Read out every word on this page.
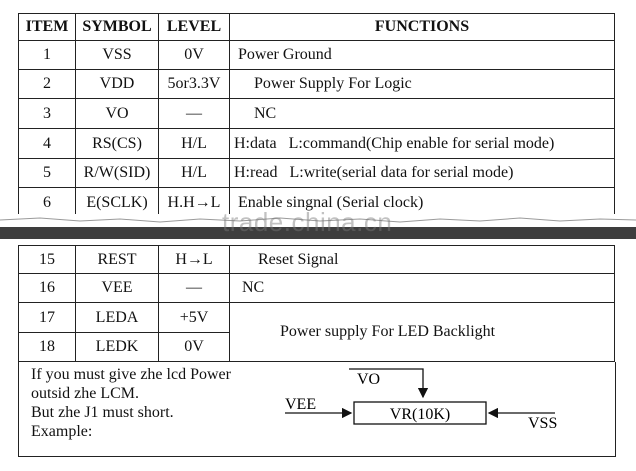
ITEM	SYMBOL	LEVEL	FUNCTIONS
1	VSS	0V	Power Ground
2	VDD	5or3.3V	Power Supply For Logic
3	VO	—	NC
4	RS(CS)	H/L	H:data   L:command(Chip enable for serial mode)
5	R/W(SID)	H/L	H:read   L:write(serial data for serial mode)
6	E(SCLK)	H.H→L	Enable singnal (Serial clock)
trade.china.cn
15	REST	H→L	Reset Signal
16	VEE	—	NC
17	LEDA	+5V	Power supply For LED Backlight
18	LEDK	0V	
If you must give zhe lcd Power
outsid zhe LCM.
But zhe J1 must short.
Example:
VO
VEE
VR(10K)
VSS
